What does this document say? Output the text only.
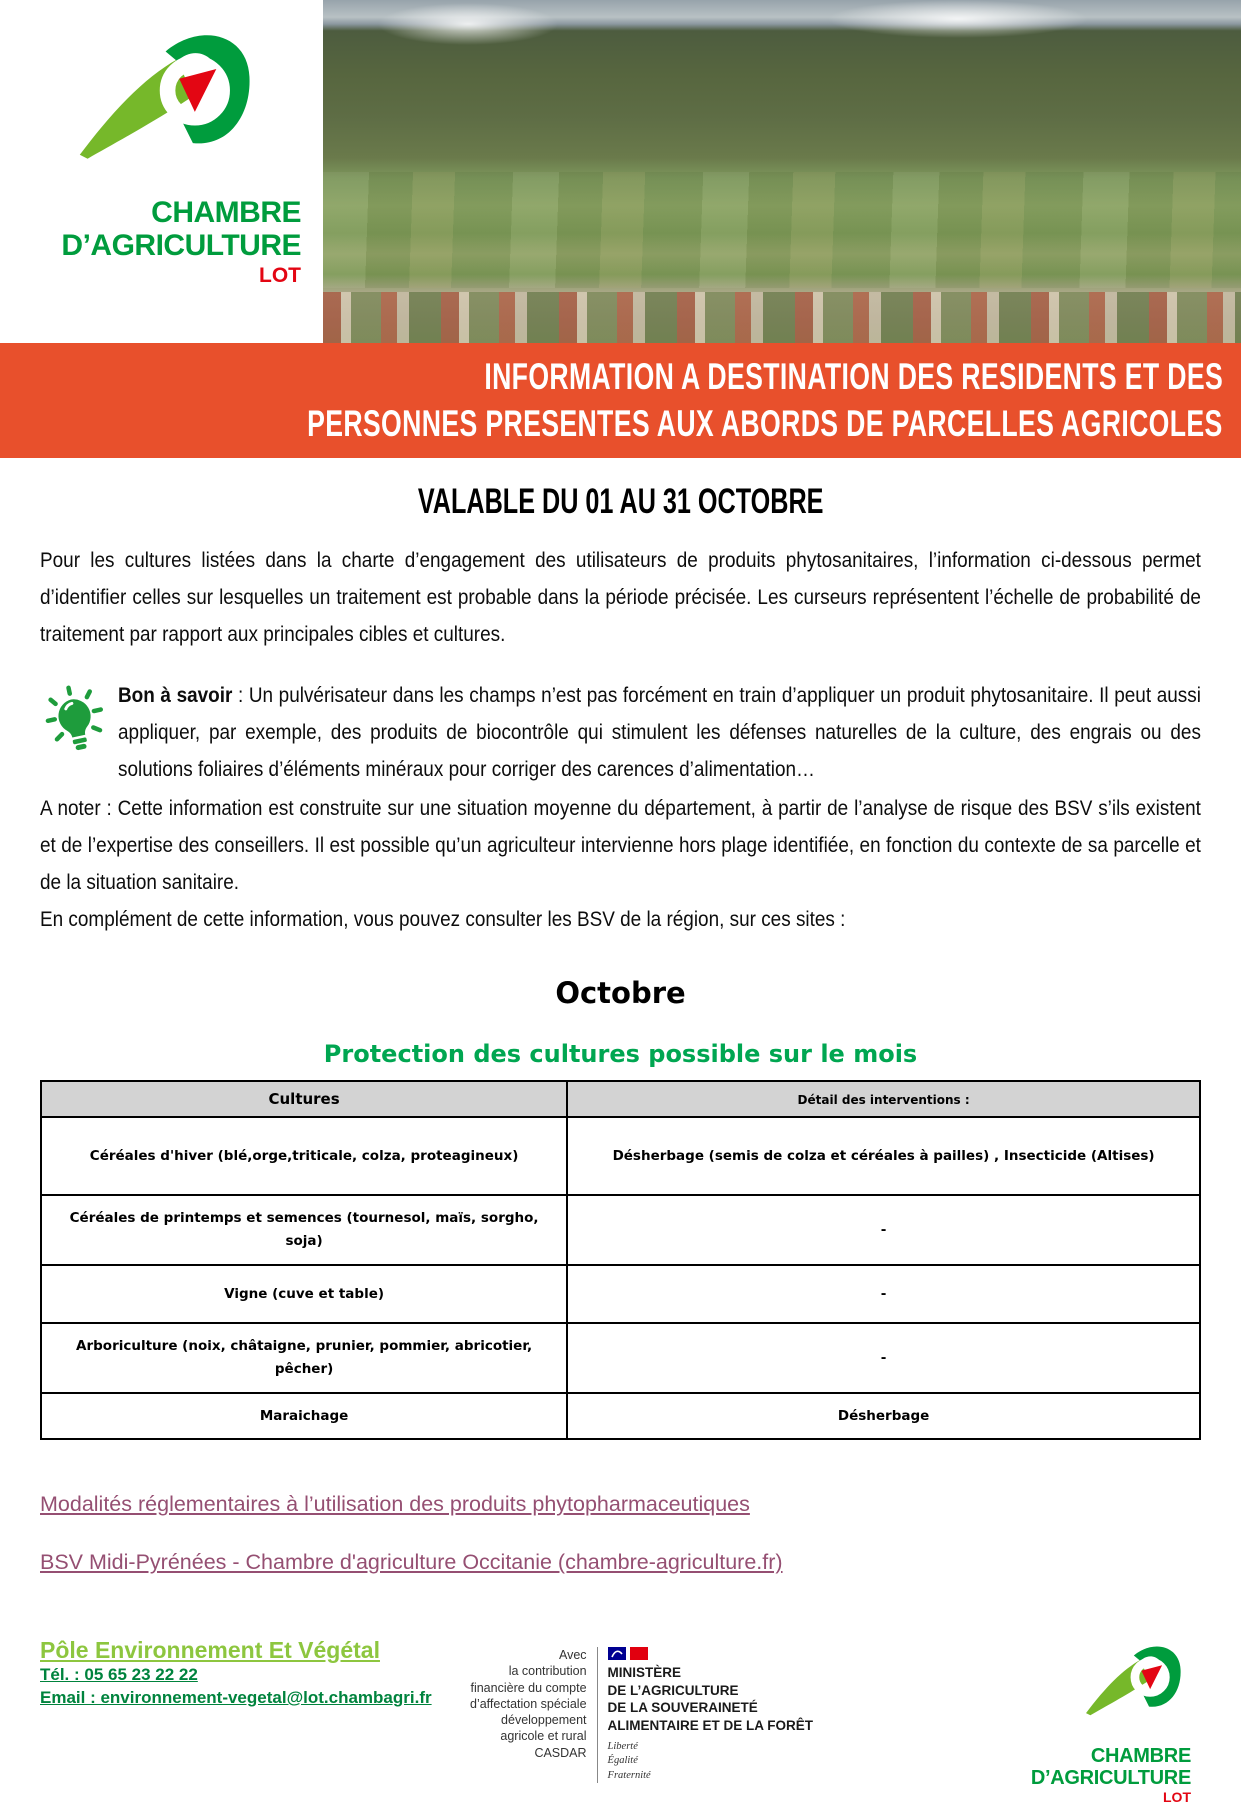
CHAMBRE
D’AGRICULTURE
LOT
INFORMATION A DESTINATION DES RESIDENTS ET DES
PERSONNES PRESENTES AUX ABORDS DE PARCELLES AGRICOLES
VALABLE DU 01 AU 31 OCTOBRE

Pour les cultures listées dans la charte d’engagement des utilisateurs de produits phytosanitaires, l’information ci-dessous permet d’identifier celles sur lesquelles un traitement est probable dans la période précisée. Les curseurs représentent l’échelle de probabilité de traitement par rapport aux principales cibles et cultures.

Bon à savoir : Un pulvérisateur dans les champs n’est pas forcément en train d’appliquer un produit phytosanitaire. Il peut aussi appliquer, par exemple, des produits de biocontrôle qui stimulent les défenses naturelles de la culture, des engrais ou des solutions foliaires d’éléments minéraux pour corriger des carences d’alimentation…

A noter : Cette information est construite sur une situation moyenne du département, à partir de l’analyse de risque des BSV s’ils existent et de l’expertise des conseillers. Il est possible qu’un agriculteur intervienne hors plage identifiée, en fonction du contexte de sa parcelle et de la situation sanitaire.

En complément de cette information, vous pouvez consulter les BSV de la région, sur ces sites :

Octobre
Protection des cultures possible sur le mois
Cultures	Détail des interventions :
Céréales d'hiver (blé,orge,triticale, colza, proteagineux)	Désherbage (semis de colza et céréales à pailles) , Insecticide (Altises)
Céréales de printemps et semences (tournesol, maïs, sorgho, soja)	-
Vigne (cuve et table)	-
Arboriculture (noix, châtaigne, prunier, pommier, abricotier, pêcher)	-
Maraichage	Désherbage
Modalités réglementaires à l’utilisation des produits phytopharmaceutiques
BSV Midi-Pyrénées - Chambre d'agriculture Occitanie (chambre-agriculture.fr)
Pôle Environnement Et Végétal
Tél. : 05 65 23 22 22
Email : environnement-vegetal@lot.chambagri.fr
Avec
la contribution
financière du compte
d’affectation spéciale
développement
agricole et rural
CASDAR
MINISTÈRE
DE L’AGRICULTURE
DE LA SOUVERAINETÉ
ALIMENTAIRE ET DE LA FORÊT
Liberté
Égalité
Fraternité
CHAMBRE
D’AGRICULTURE
LOT
